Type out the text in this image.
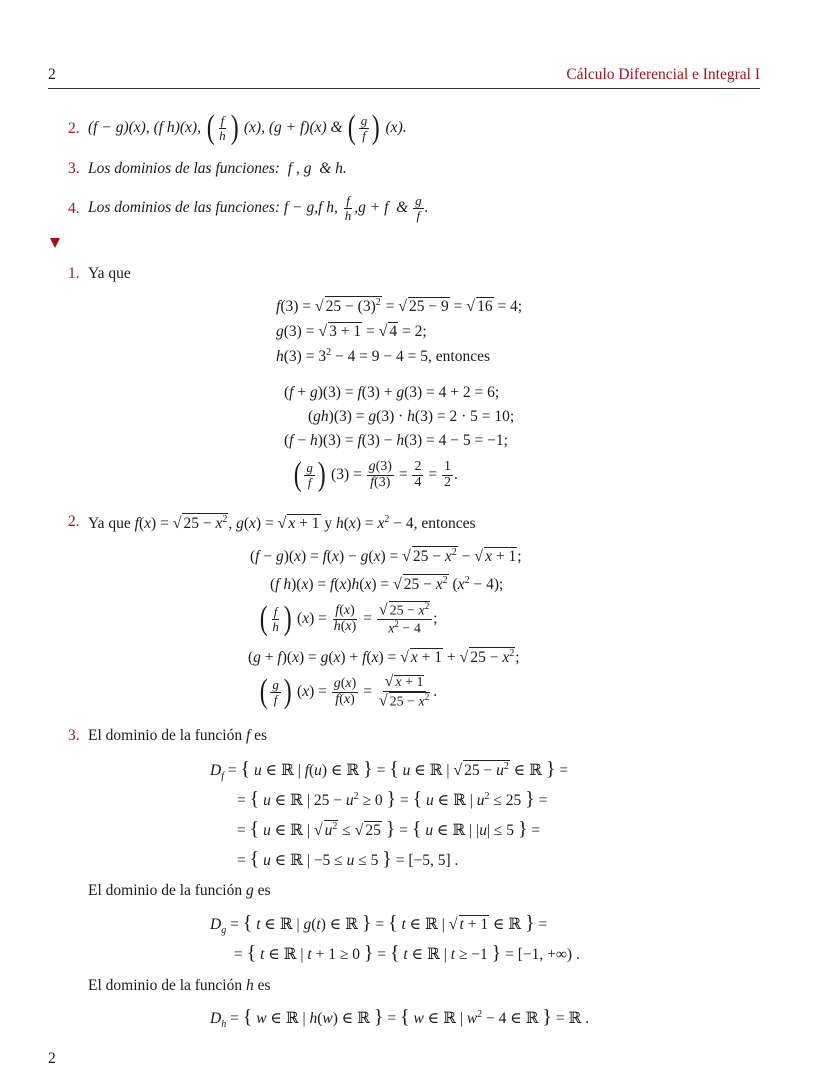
2	Cálculo Diferencial e Integral I
2. ( f − g )( x ), ( f h )( x ), ( $\frac{f}{h}$ ) ( x ), ( g + f )( x ) & ( $\frac{g}{f}$ ) ( x ).
3. Los dominios de las funciones:  f , g  & h.
4. Los dominios de las funciones: f − g , f h , $\frac{f}{h}$ , g + f & $\frac{g}{f}$ .
1. Ya que
f(3) = √ $25 - (3)^2$ = √ 25 − 9 = √ 16 = 4;
g(3) = √ 3 + 1 = √ 4 = 2;
$h(3) = 3^2 - 4 = 9 - 4 = 5$, entonces
(f + g)(3) = f(3) + g(3) = 4 + 2 = 6;
(gh)(3) = g(3) · h(3) = 2 · 5 = 10;
(f − h)(3) = f(3) − h(3) = 4 − 5 = −1;
( $\frac{g}{f}$ ) $(3) = \frac{g(3)}{f(3)} = \frac{2}{4} = \frac{1}{2}$ .
2. Ya que f(x) = √ $25 - x^2$, g(x) = √ x + 1 y $h(x) = x^2 - 4$, entonces
(f − g)(x) = f(x) − g(x) = √ $25 - x^2$ − √ x + 1;
(f h)(x) = f(x)h(x) = √ $25 - x^2$ $(x^2 - 4)$;
( $\frac{f}{h}$ ) ( x ) = $\frac{f(x)}{h(x)} = \frac{√ 25 - x^2}{x^2 - 4}$ ;
(g + f)(x) = g(x) + f(x) = √ x + 1 + √ $25 - x^2$;
( $\frac{g}{f}$ ) ( x ) = $\frac{g(x)}{f(x)} = \frac{√ x + 1}{√ 25 - x^2}$ .
3. El dominio de la función f es
$D_f$ = { u ∈ ℝ | f(u) ∈ ℝ } = { u ∈ ℝ | √ $25 - u^2$ ∈ ℝ } =
= { u ∈ ℝ | $25 - u^2 \ge 0$ } = { u ∈ ℝ | $u^2 \le 25$ } =
= { u ∈ ℝ | √ $u^2$ ≤ √ 25 } = { u ∈ ℝ | |u| ≤ 5 } =
= { u ∈ ℝ | −5 ≤ u ≤ 5 } = [−5, 5] .
El dominio de la función g es
$D_g$ = { t ∈ ℝ | g(t) ∈ ℝ } = { t ∈ ℝ | √ t + 1 ∈ ℝ } =
= { t ∈ ℝ | t + 1 ≥ 0 } = { t ∈ ℝ | t ≥ −1 } = [−1, +∞) .
El dominio de la función h es
$D_h$ = { w ∈ ℝ | h(w) ∈ ℝ } = { w ∈ ℝ | $w^2 - 4$ ∈ ℝ } = ℝ .
2
